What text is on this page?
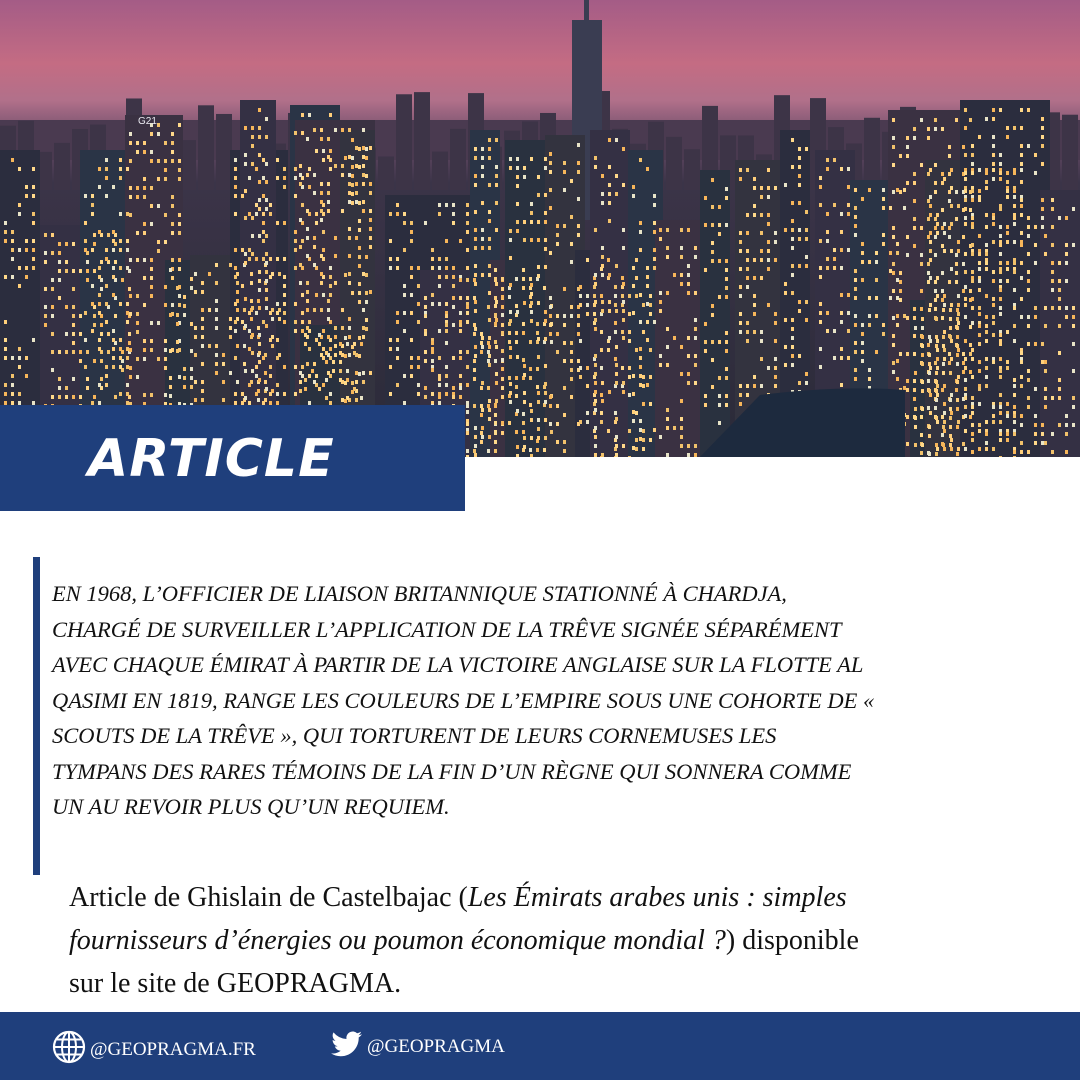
G21
ARTICLE
EN 1968, L’OFFICIER DE LIAISON BRITANNIQUE STATIONNÉ À CHARDJA,
CHARGÉ DE SURVEILLER L’APPLICATION DE LA TRÊVE SIGNÉE SÉPARÉMENT
AVEC CHAQUE ÉMIRAT À PARTIR DE LA VICTOIRE ANGLAISE SUR LA FLOTTE AL
QASIMI EN 1819, RANGE LES COULEURS DE L’EMPIRE SOUS UNE COHORTE DE «
SCOUTS DE LA TRÊVE », QUI TORTURENT DE LEURS CORNEMUSES LES
TYMPANS DES RARES TÉMOINS DE LA FIN D’UN RÈGNE QUI SONNERA COMME
UN AU REVOIR PLUS QU’UN REQUIEM.
Article de Ghislain de Castelbajac (Les Émirats arabes unis : simples fournisseurs d’énergies ou poumon économique mondial ?) disponible sur le site de GEOPRAGMA.
@GEOPRAGMA.FR	@GEOPRAGMA
